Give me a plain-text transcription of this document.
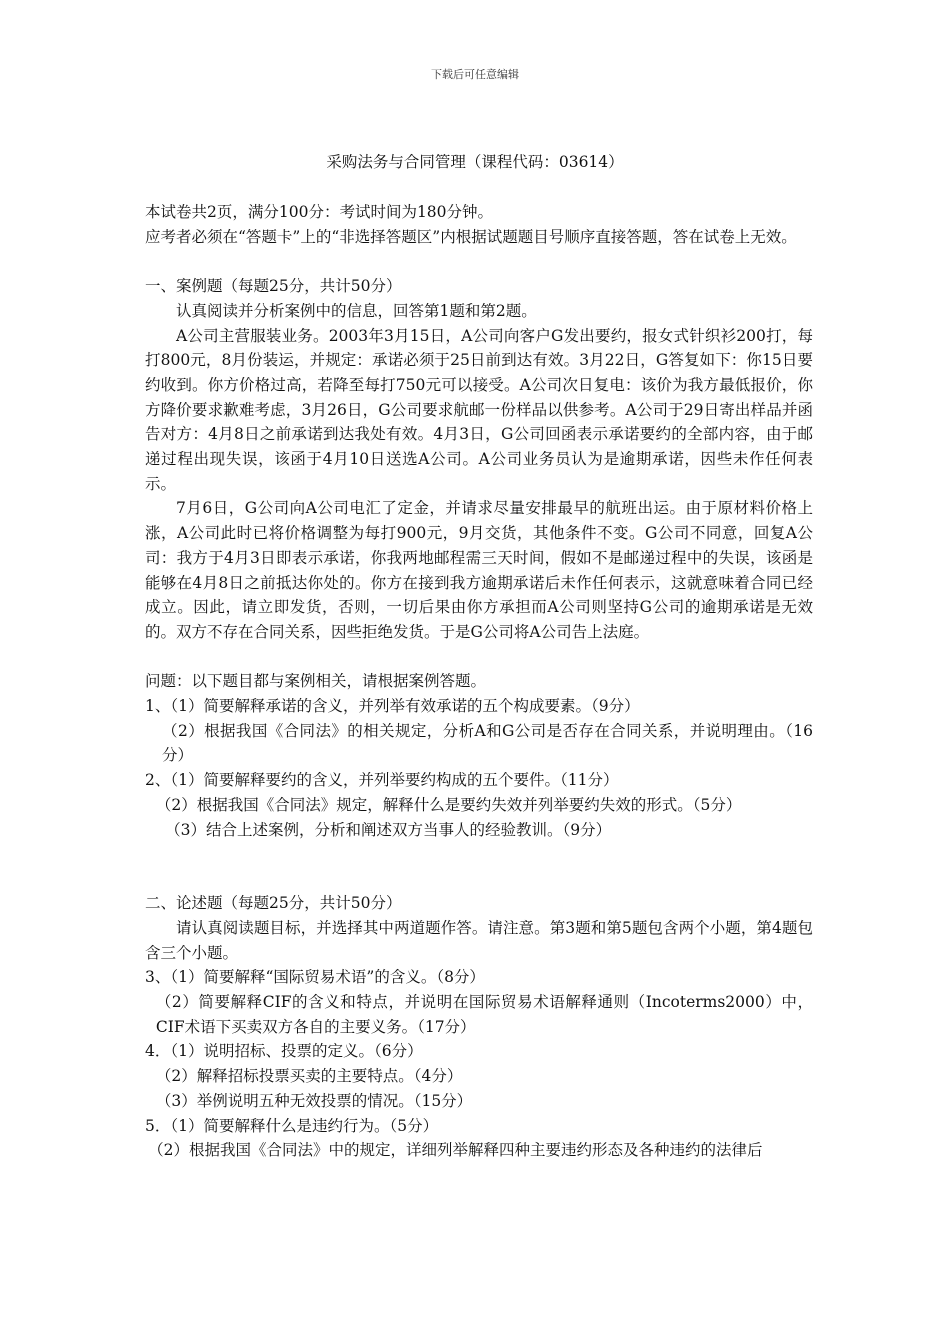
下载后可任意编辑
采购法务与合同管理（课程代码：03614）

本试卷共2页，满分100分：考试时间为180分钟。

应考者必须在“答题卡”上的“非选择答题区”内根据试题题目号顺序直接答题，答在试卷上无效。

一、案例题（每题25分，共计50分）

认真阅读并分析案例中的信息，回答第1题和第2题。

A公司主营服装业务。2003年3月15日，A公司向客户G发出要约，报女式针织衫200打，每打800元，8月份装运，并规定：承诺必须于25日前到达有效。3月22日，G答复如下：你15日要约收到。你方价格过高，若降至每打750元可以接受。A公司次日复电：该价为我方最低报价，你方降价要求歉难考虑，3月26日，G公司要求航邮一份样品以供参考。A公司于29日寄出样品并函告对方：4月8日之前承诺到达我处有效。4月3日，G公司回函表示承诺要约的全部内容，由于邮递过程出现失误，该函于4月10日送选A公司。A公司业务员认为是逾期承诺，因些未作任何表示。

7月6日，G公司向A公司电汇了定金，并请求尽量安排最早的航班出运。由于原材料价格上涨，A公司此时已将价格调整为每打900元，9月交货，其他条件不变。G公司不同意，回复A公司：我方于4月3日即表示承诺，你我两地邮程需三天时间，假如不是邮递过程中的失误，该函是能够在4月8日之前抵达你处的。你方在接到我方逾期承诺后未作任何表示，这就意味着合同已经成立。因此，请立即发货，否则，一切后果由你方承担而A公司则坚持G公司的逾期承诺是无效的。双方不存在合同关系，因些拒绝发货。于是G公司将A公司告上法庭。

问题：以下题目都与案例相关，请根据案例答题。

1、（1）简要解释承诺的含义，并列举有效承诺的五个构成要素。（9分）

（2）根据我国《合同法》的相关规定，分析A和G公司是否存在合同关系，并说明理由。（16分）

2、（1）简要解释要约的含义，并列举要约构成的五个要件。（11分）

（2）根据我国《合同法》规定，解释什么是要约失效并列举要约失效的形式。（5分）

（3）结合上述案例，分析和阐述双方当事人的经验教训。（9分）

二、论述题（每题25分，共计50分）

请认真阅读题目标，并选择其中两道题作答。请注意。第3题和第5题包含两个小题，第4题包含三个小题。

3、（1）简要解释“国际贸易术语”的含义。（8分）

（2）简要解释CIF的含义和特点，并说明在国际贸易术语解释通则（Incoterms2000）中，CIF术语下买卖双方各自的主要义务。（17分）

4．（1）说明招标、投票的定义。（6分）

（2）解释招标投票买卖的主要特点。（4分）

（3）举例说明五种无效投票的情况。（15分）

5．（1）简要解释什么是违约行为。（5分）

（2）根据我国《合同法》中的规定，详细列举解释四种主要违约形态及各种违约的法律后
